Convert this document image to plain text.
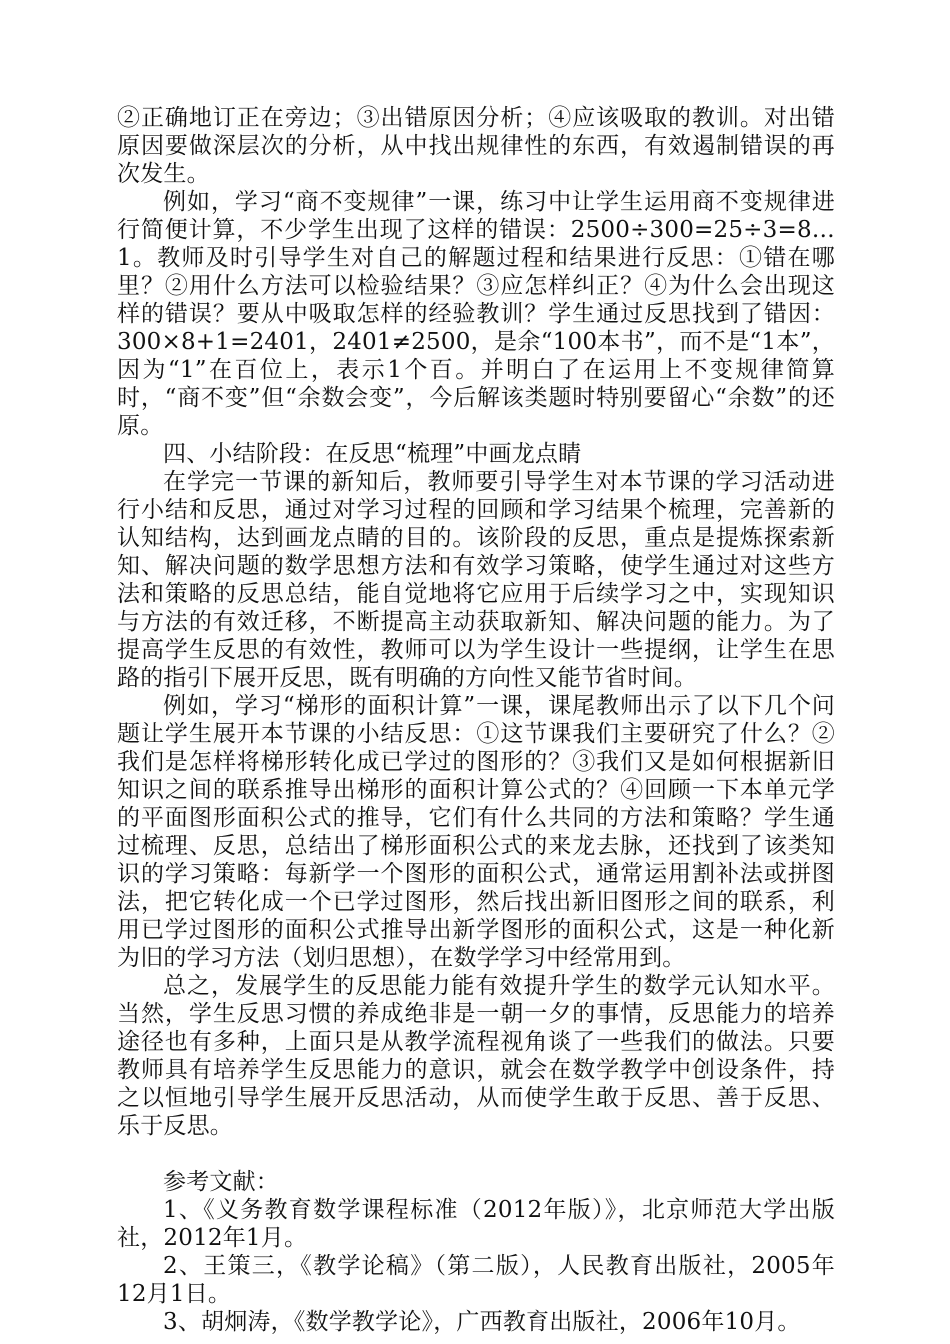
②正确地订正在旁边；③出错原因分析；④应该吸取的教训。对出错原因要做深层次的分析，从中找出规律性的东西，有效遏制错误的再次发生。

例如，学习“商不变规律”一课，练习中让学生运用商不变规律进行简便计算，不少学生出现了这样的错误：2500÷300=25÷3=8…1。教师及时引导学生对自己的解题过程和结果进行反思：①错在哪里？②用什么方法可以检验结果？③应怎样纠正？④为什么会出现这样的错误？要从中吸取怎样的经验教训？学生通过反思找到了错因：300×8+1=2401，2401≠2500，是余“100本书”，而不是“1本”，因为“1”在百位上，表示1个百。并明白了在运用上不变规律简算时，“商不变”但“余数会变”，今后解该类题时特别要留心“余数”的还原。

四、小结阶段：在反思“梳理”中画龙点睛

在学完一节课的新知后，教师要引导学生对本节课的学习活动进行小结和反思，通过对学习过程的回顾和学习结果个梳理，完善新的认知结构，达到画龙点睛的目的。该阶段的反思，重点是提炼探索新知、解决问题的数学思想方法和有效学习策略，使学生通过对这些方法和策略的反思总结，能自觉地将它应用于后续学习之中，实现知识与方法的有效迁移，不断提高主动获取新知、解决问题的能力。为了提高学生反思的有效性，教师可以为学生设计一些提纲，让学生在思路的指引下展开反思，既有明确的方向性又能节省时间。

例如，学习“梯形的面积计算”一课，课尾教师出示了以下几个问题让学生展开本节课的小结反思：①这节课我们主要研究了什么？②我们是怎样将梯形转化成已学过的图形的？③我们又是如何根据新旧知识之间的联系推导出梯形的面积计算公式的？④回顾一下本单元学的平面图形面积公式的推导，它们有什么共同的方法和策略？学生通过梳理、反思，总结出了梯形面积公式的来龙去脉，还找到了该类知识的学习策略：每新学一个图形的面积公式，通常运用割补法或拼图法，把它转化成一个已学过图形，然后找出新旧图形之间的联系，利用已学过图形的面积公式推导出新学图形的面积公式，这是一种化新为旧的学习方法（划归思想），在数学学习中经常用到。

总之，发展学生的反思能力能有效提升学生的数学元认知水平。当然，学生反思习惯的养成绝非是一朝一夕的事情，反思能力的培养途径也有多种，上面只是从教学流程视角谈了一些我们的做法。只要教师具有培养学生反思能力的意识，就会在数学教学中创设条件，持之以恒地引导学生展开反思活动，从而使学生敢于反思、善于反思、乐于反思。

参考文献：

1、《义务教育数学课程标准（2012年版）》，北京师范大学出版社，2012年1月。

2、王策三，《教学论稿》（第二版），人民教育出版社，2005年12月1日。

3、胡炯涛，《数学教学论》，广西教育出版社，2006年10月。
